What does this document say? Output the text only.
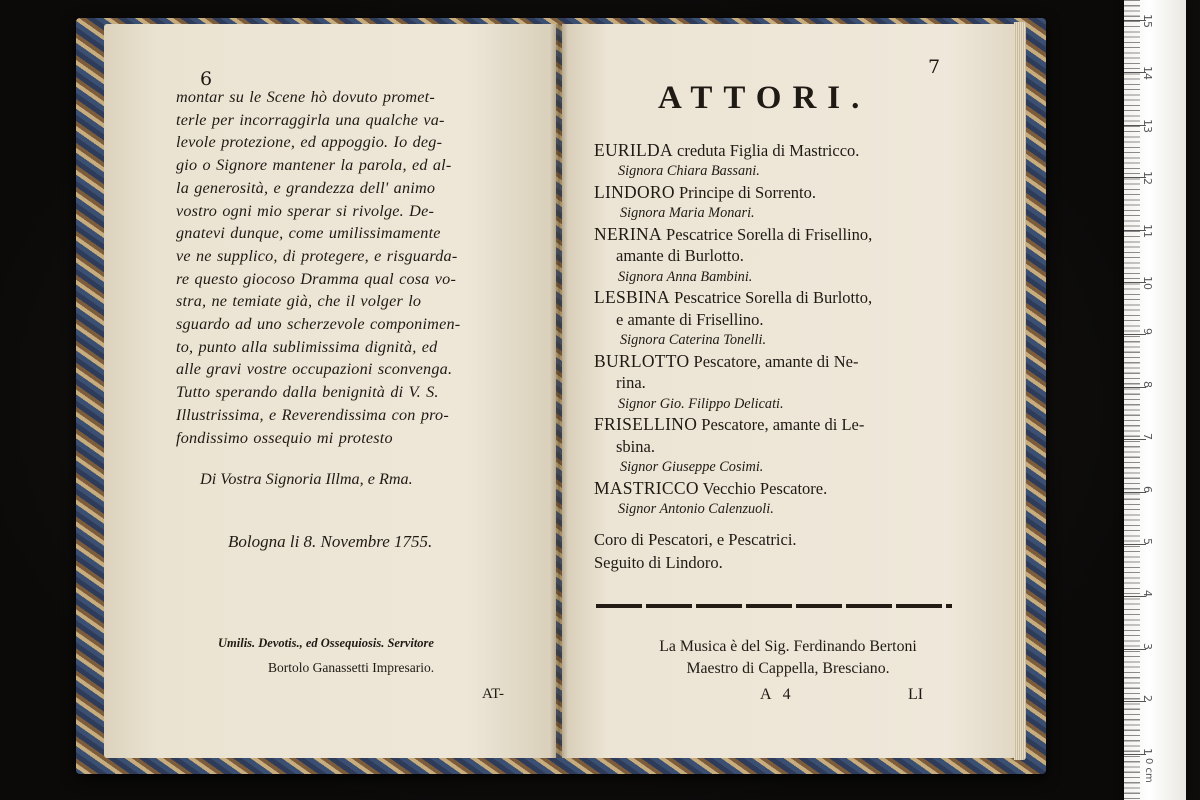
6
montar su le Scene hò dovuto promet-
terle per incorraggirla una qualche va-
levole protezione, ed appoggio. Io deg-
gio o Signore mantener la parola, ed al-
la generosità, e grandezza dell' animo
vostro ogni mio sperar si rivolge. De-
gnatevi dunque, come umilissimamente
ve ne supplico, di protegere, e risguarda-
re questo giocoso Dramma qual cosa vo-
stra, ne temiate già, che il volger lo
sguardo ad uno scherzevole componimen-
to, punto alla sublimissima dignità, ed
alle gravi vostre occupazioni sconvenga.
Tutto sperando dalla benignità di V. S.
Illustrissima, e Reverendissima con pro-
fondissimo ossequio mi protesto
Di Vostra Signoria Illma, e Rma.
Bologna li 8. Novembre 1755.
Umilis. Devotis., ed Ossequiosis. Servitore
Bortolo Ganassetti Impresario.
AT-
7
ATTORI.
EURILDA creduta Figlia di Mastricco.
Signora Chiara Bassani.
LINDORO Principe di Sorrento.
Signora Maria Monari.
NERINA Pescatrice Sorella di Frisellino,
amante di Burlotto.
Signora Anna Bambini.
LESBINA Pescatrice Sorella di Burlotto,
e amante di Frisellino.
Signora Caterina Tonelli.
BURLOTTO Pescatore, amante di Ne-
rina.
Signor Gio. Filippo Delicati.
FRISELLINO Pescatore, amante di Le-
sbina.
Signor Giuseppe Cosimi.
MASTRICCO Vecchio Pescatore.
Signor Antonio Calenzuoli.
Coro di Pescatori, e Pescatrici.
Seguito di Lindoro.
La Musica è del Sig. Ferdinando Bertoni
Maestro di Cappella, Bresciano.
A 4	LI
0 cm
15
14
13
12
11
10
9
8
7
6
5
4
3
2
1
